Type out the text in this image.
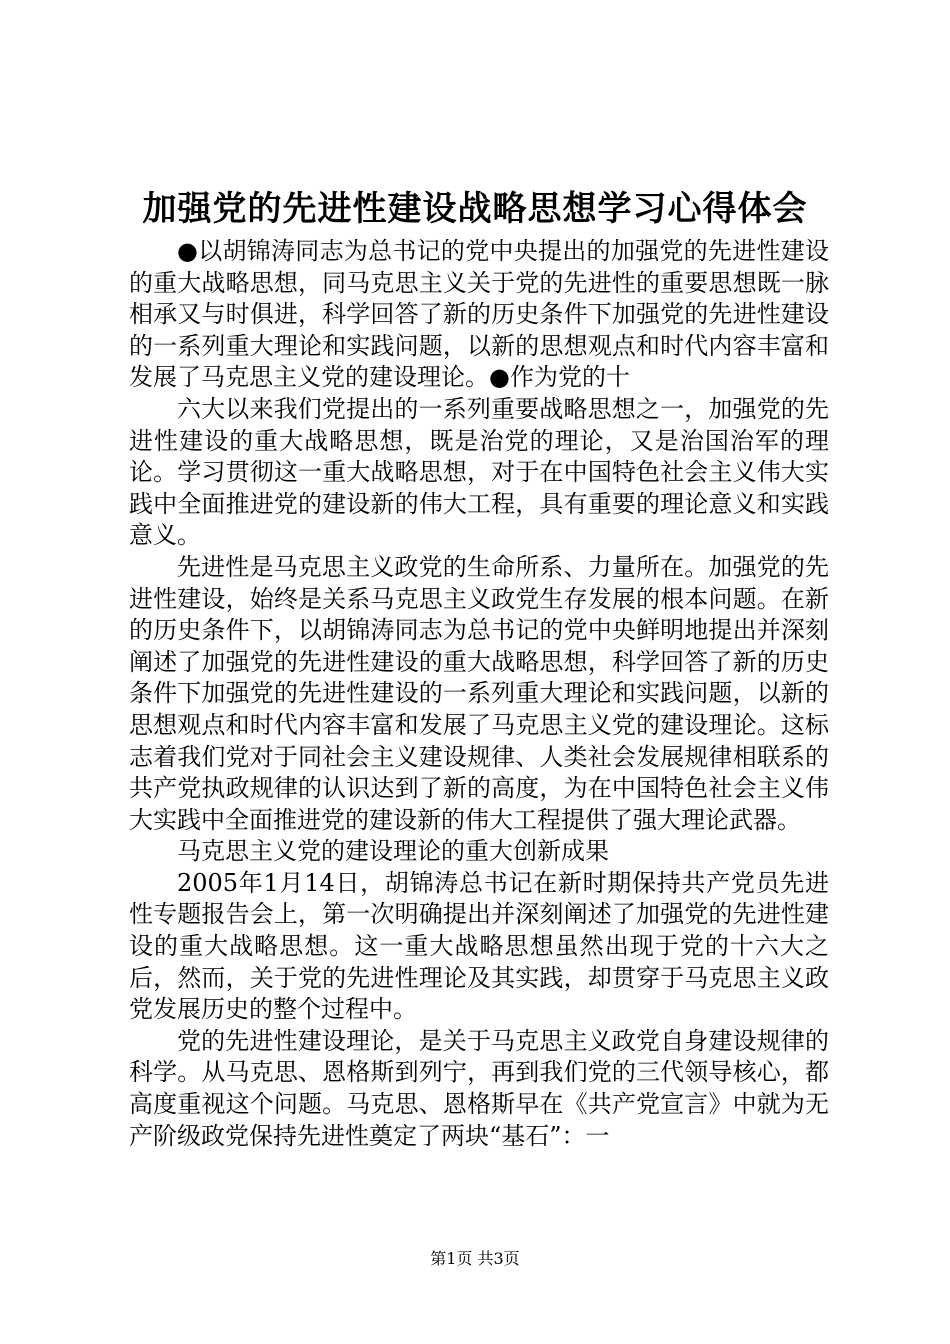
加强党的先进性建设战略思想学习心得体会

●以胡锦涛同志为总书记的党中央提出的加强党的先进性建设的重大战略思想，同马克思主义关于党的先进性的重要思想既一脉相承又与时俱进，科学回答了新的历史条件下加强党的先进性建设的一系列重大理论和实践问题，以新的思想观点和时代内容丰富和发展了马克思主义党的建设理论。●作为党的十

六大以来我们党提出的一系列重要战略思想之一，加强党的先进性建设的重大战略思想，既是治党的理论，又是治国治军的理论。学习贯彻这一重大战略思想，对于在中国特色社会主义伟大实践中全面推进党的建设新的伟大工程，具有重要的理论意义和实践意义。

先进性是马克思主义政党的生命所系、力量所在。加强党的先进性建设，始终是关系马克思主义政党生存发展的根本问题。在新的历史条件下，以胡锦涛同志为总书记的党中央鲜明地提出并深刻阐述了加强党的先进性建设的重大战略思想，科学回答了新的历史条件下加强党的先进性建设的一系列重大理论和实践问题，以新的思想观点和时代内容丰富和发展了马克思主义党的建设理论。这标志着我们党对于同社会主义建设规律、人类社会发展规律相联系的共产党执政规律的认识达到了新的高度，为在中国特色社会主义伟大实践中全面推进党的建设新的伟大工程提供了强大理论武器。

马克思主义党的建设理论的重大创新成果

2005年1月14日，胡锦涛总书记在新时期保持共产党员先进性专题报告会上，第一次明确提出并深刻阐述了加强党的先进性建设的重大战略思想。这一重大战略思想虽然出现于党的十六大之后，然而，关于党的先进性理论及其实践，却贯穿于马克思主义政党发展历史的整个过程中。

党的先进性建设理论，是关于马克思主义政党自身建设规律的科学。从马克思、恩格斯到列宁，再到我们党的三代领导核心，都高度重视这个问题。马克思、恩格斯早在《共产党宣言》中就为无产阶级政党保持先进性奠定了两块“基石”：一

第1页 共3页
